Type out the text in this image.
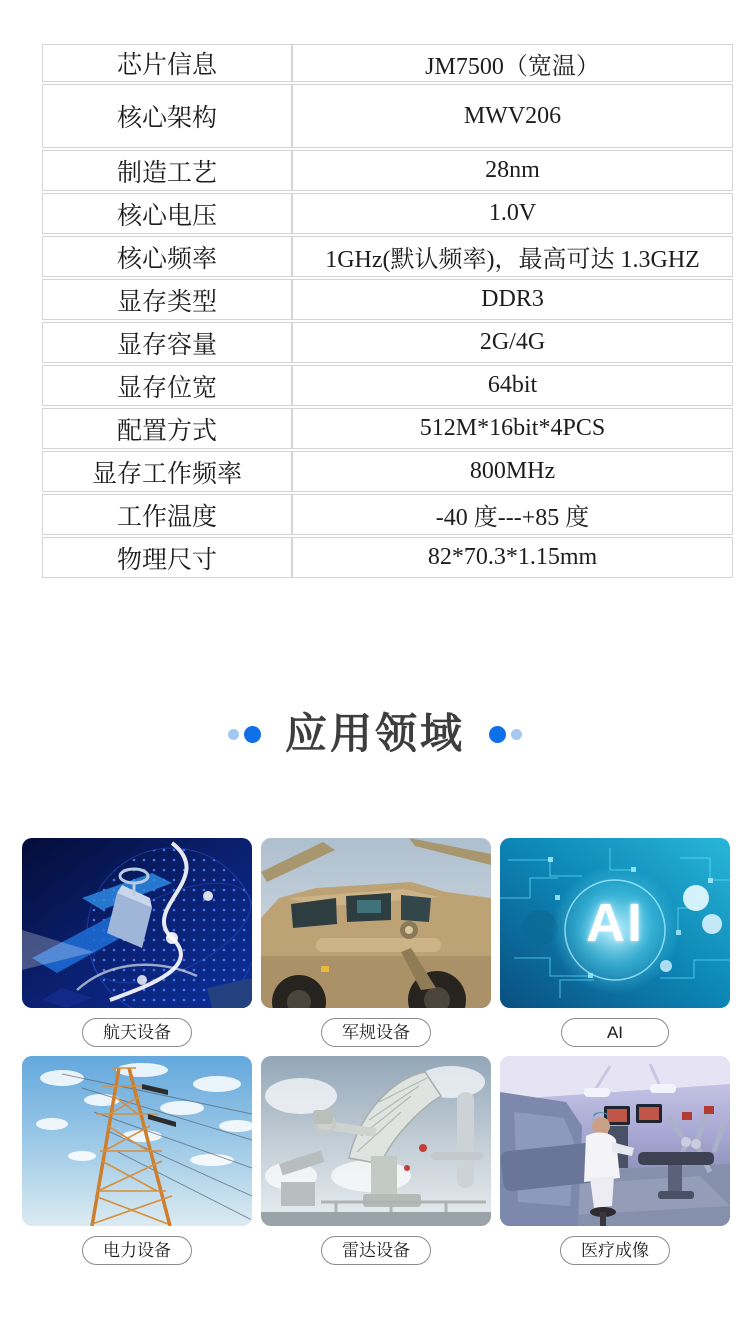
芯片信息	JM7500（宽温）
核心架构	MWV206
制造工艺	28nm
核心电压	1.0V
核心频率	1GHz(默认频率)，最高可达 1.3GHZ
显存类型	DDR3
显存容量	2G/4G
显存位宽	64bit
配置方式	512M*16bit*4PCS
显存工作频率	800MHz
工作温度	-40 度---+85 度
物理尺寸	82*70.3*1.15mm
应用领域
航天设备	军规设备
AI
AI
电力设备	雷达设备	医疗成像
